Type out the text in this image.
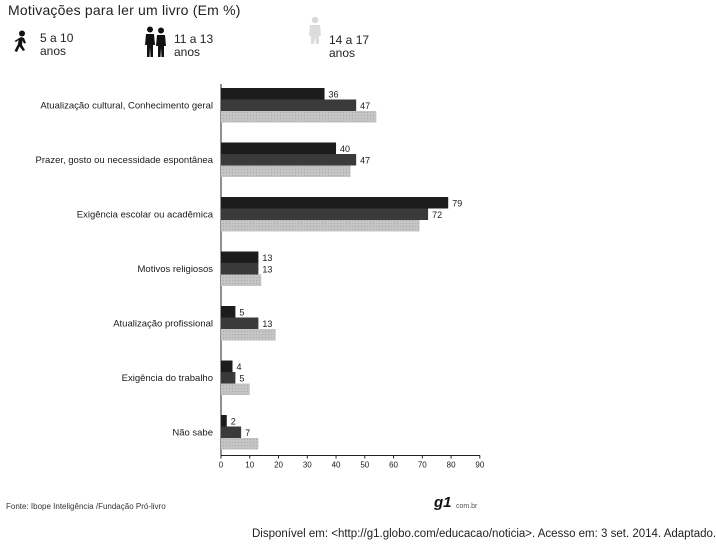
Motivações para ler um livro (Em %)
5 a 10
anos
11 a 13
anos
14 a 17
anos
Atualização cultural, Conhecimento geral
36
47
Prazer, gosto ou necessidade espontânea
40
47
Exigência escolar ou acadêmica
79
72
Motivos religiosos
13
13
Atualização profissional
5
13
Exigência do trabalho
4
5
Não sabe
2
7
0	10 20 30 40 50 60 70 80 90
Fonte: Ibope Inteligência /Fundação Pró-livro	g1 com.br
Disponível em: <http://g1.globo.com/educacao/noticia>. Acesso em: 3 set. 2014. Adaptado.
